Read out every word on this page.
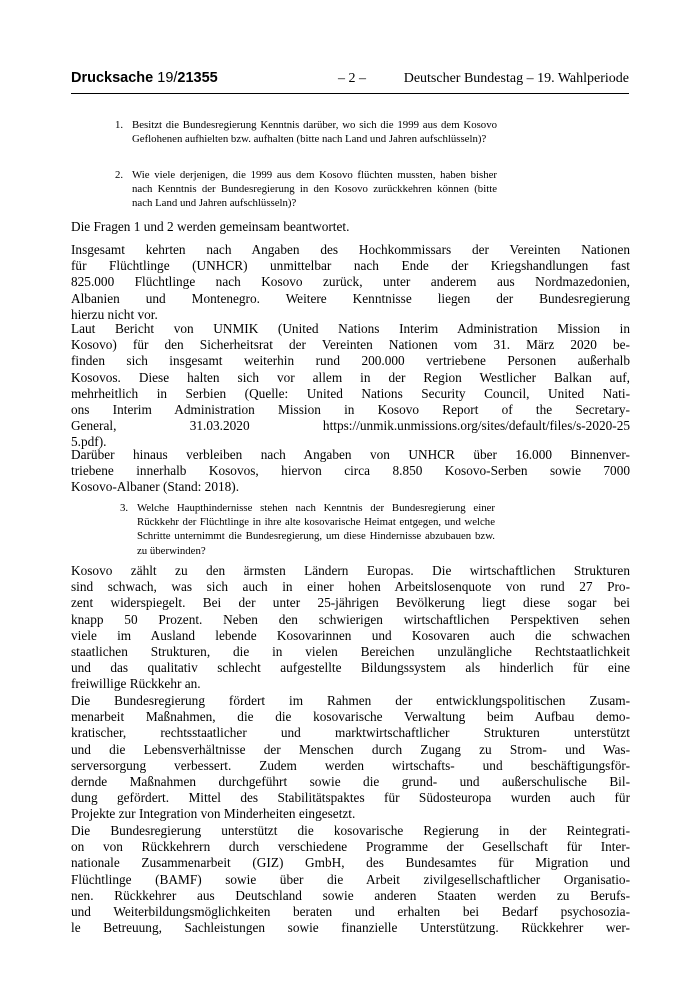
Drucksache 19/21355	– 2 –	Deutscher Bundestag – 19. Wahlperiode
1. Besitzt die Bundesregierung Kenntnis darüber, wo sich die 1999 aus dem Kosovo Geflohenen aufhielten bzw. aufhalten (bitte nach Land und Jahren aufschlüsseln)?
2. Wie viele derjenigen, die 1999 aus dem Kosovo flüchten mussten, haben bisher nach Kenntnis der Bundesregierung in den Kosovo zurückkehren können (bitte nach Land und Jahren aufschlüsseln)?
Die Fragen 1 und 2 werden gemeinsam beantwortet.
Insgesamt kehrten nach Angaben des Hochkommissars der Vereinten Nationen
für Flüchtlinge (UNHCR) unmittelbar nach Ende der Kriegshandlungen fast
825.000 Flüchtlinge nach Kosovo zurück, unter anderem aus Nordmazedonien,
Albanien und Montenegro. Weitere Kenntnisse liegen der Bundesregierung
hierzu nicht vor.
Laut Bericht von UNMIK (United Nations Interim Administration Mission in
Kosovo) für den Sicherheitsrat der Vereinten Nationen vom 31. März 2020 be-
finden sich insgesamt weiterhin rund 200.000 vertriebene Personen außerhalb
Kosovos. Diese halten sich vor allem in der Region Westlicher Balkan auf,
mehrheitlich in Serbien (Quelle: United Nations Security Council, United Nati-
ons Interim Administration Mission in Kosovo Report of the Secretary-
General, 31.03.2020 https://unmik.unmissions.org/sites/default/files/s-2020-25
5.pdf).
Darüber hinaus verbleiben nach Angaben von UNHCR über 16.000 Binnenver-
triebene innerhalb Kosovos, hiervon circa 8.850 Kosovo-Serben sowie 7000
Kosovo-Albaner (Stand: 2018).
3. Welche Haupthindernisse stehen nach Kenntnis der Bundesregierung einer Rückkehr der Flüchtlinge in ihre alte kosovarische Heimat entgegen, und welche Schritte unternimmt die Bundesregierung, um diese Hindernisse abzubauen bzw. zu überwinden?
Kosovo zählt zu den ärmsten Ländern Europas. Die wirtschaftlichen Strukturen
sind schwach, was sich auch in einer hohen Arbeitslosenquote von rund 27 Pro-
zent widerspiegelt. Bei der unter 25-jährigen Bevölkerung liegt diese sogar bei
knapp 50 Prozent. Neben den schwierigen wirtschaftlichen Perspektiven sehen
viele im Ausland lebende Kosovarinnen und Kosovaren auch die schwachen
staatlichen Strukturen, die in vielen Bereichen unzulängliche Rechtstaatlichkeit
und das qualitativ schlecht aufgestellte Bildungssystem als hinderlich für eine
freiwillige Rückkehr an.
Die Bundesregierung fördert im Rahmen der entwicklungspolitischen Zusam-
menarbeit Maßnahmen, die die kosovarische Verwaltung beim Aufbau demo-
kratischer, rechtsstaatlicher und marktwirtschaftlicher Strukturen unterstützt
und die Lebensverhältnisse der Menschen durch Zugang zu Strom- und Was-
serversorgung verbessert. Zudem werden wirtschafts- und beschäftigungsför-
dernde Maßnahmen durchgeführt sowie die grund- und außerschulische Bil-
dung gefördert. Mittel des Stabilitätspaktes für Südosteuropa wurden auch für
Projekte zur Integration von Minderheiten eingesetzt.
Die Bundesregierung unterstützt die kosovarische Regierung in der Reintegrati-
on von Rückkehrern durch verschiedene Programme der Gesellschaft für Inter-
nationale Zusammenarbeit (GIZ) GmbH, des Bundesamtes für Migration und
Flüchtlinge (BAMF) sowie über die Arbeit zivilgesellschaftlicher Organisatio-
nen. Rückkehrer aus Deutschland sowie anderen Staaten werden zu Berufs-
und Weiterbildungsmöglichkeiten beraten und erhalten bei Bedarf psychosozia-
le Betreuung, Sachleistungen sowie finanzielle Unterstützung. Rückkehrer wer-
